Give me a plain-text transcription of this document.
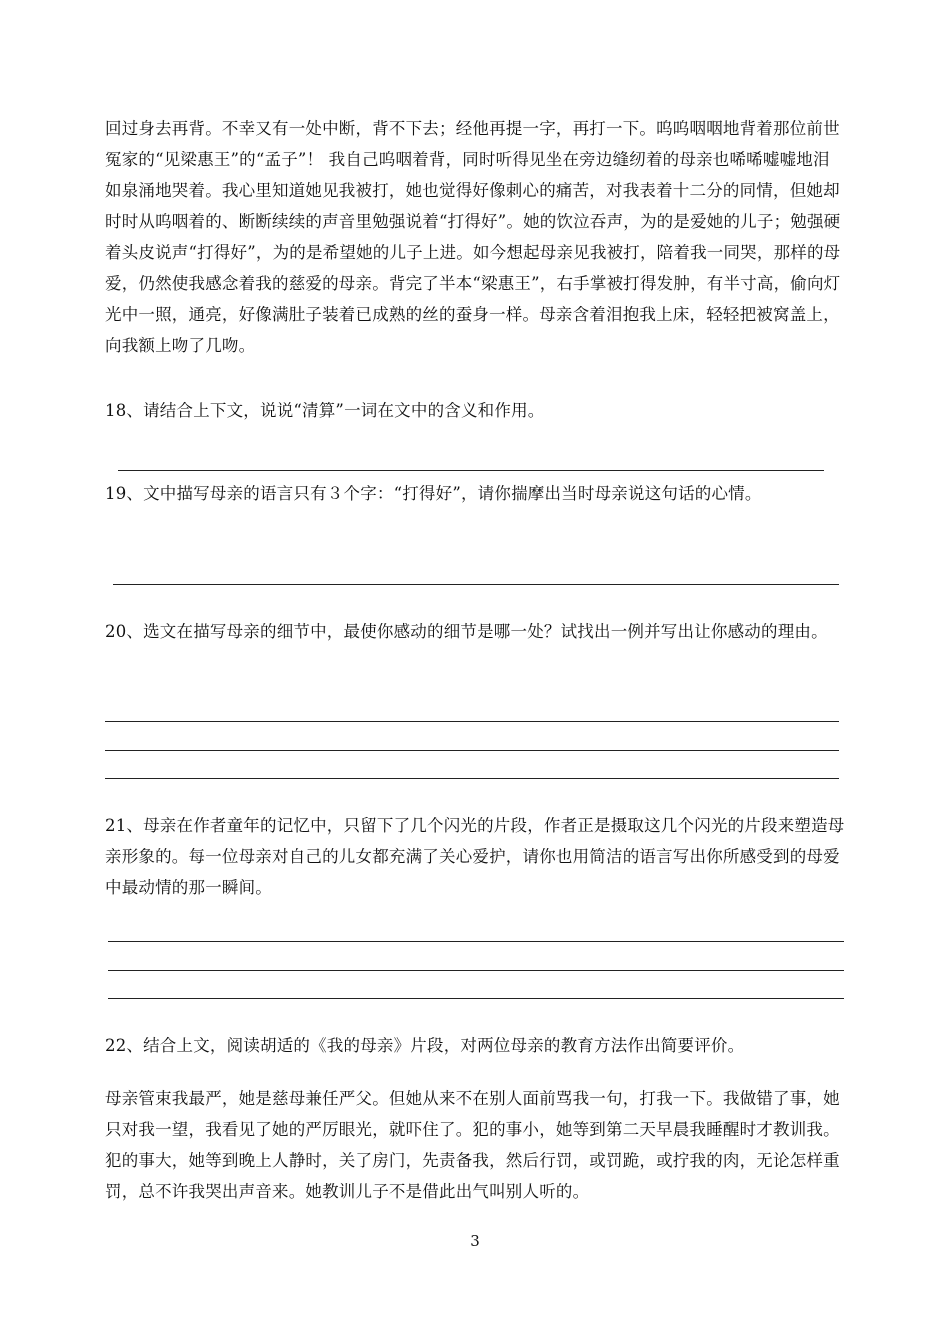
回过身去再背。不幸又有一处中断，背不下去；经他再提一字，再打一下。呜呜咽咽地背着那位前世冤家的“见梁惠王”的“孟子”！ 我自己呜咽着背，同时听得见坐在旁边缝纫着的母亲也唏唏嘘嘘地泪如泉涌地哭着。我心里知道她见我被打，她也觉得好像刺心的痛苦，对我表着十二分的同情，但她却时时从呜咽着的、断断续续的声音里勉强说着“打得好”。她的饮泣吞声，为的是爱她的儿子；勉强硬着头皮说声“打得好”，为的是希望她的儿子上进。如今想起母亲见我被打，陪着我一同哭，那样的母爱，仍然使我感念着我的慈爱的母亲。背完了半本“梁惠王”，右手掌被打得发肿，有半寸高，偷向灯光中一照，通亮，好像满肚子装着已成熟的丝的蚕身一样。母亲含着泪抱我上床，轻轻把被窝盖上，向我额上吻了几吻。

18、请结合上下文，说说“清算”一词在文中的含义和作用。

19、文中描写母亲的语言只有３个字：“打得好”，请你揣摩出当时母亲说这句话的心情。

20、选文在描写母亲的细节中，最使你感动的细节是哪一处？试找出一例并写出让你感动的理由。

21、母亲在作者童年的记忆中，只留下了几个闪光的片段，作者正是摄取这几个闪光的片段来塑造母亲形象的。每一位母亲对自己的儿女都充满了关心爱护，请你也用简洁的语言写出你所感受到的母爱中最动情的那一瞬间。

22、结合上文，阅读胡适的《我的母亲》片段，对两位母亲的教育方法作出简要评价。

母亲管束我最严，她是慈母兼任严父。但她从来不在别人面前骂我一句，打我一下。我做错了事，她只对我一望，我看见了她的严厉眼光，就吓住了。犯的事小，她等到第二天早晨我睡醒时才教训我。犯的事大，她等到晚上人静时，关了房门，先责备我，然后行罚，或罚跪，或拧我的肉，无论怎样重罚，总不许我哭出声音来。她教训儿子不是借此出气叫别人听的。

3
